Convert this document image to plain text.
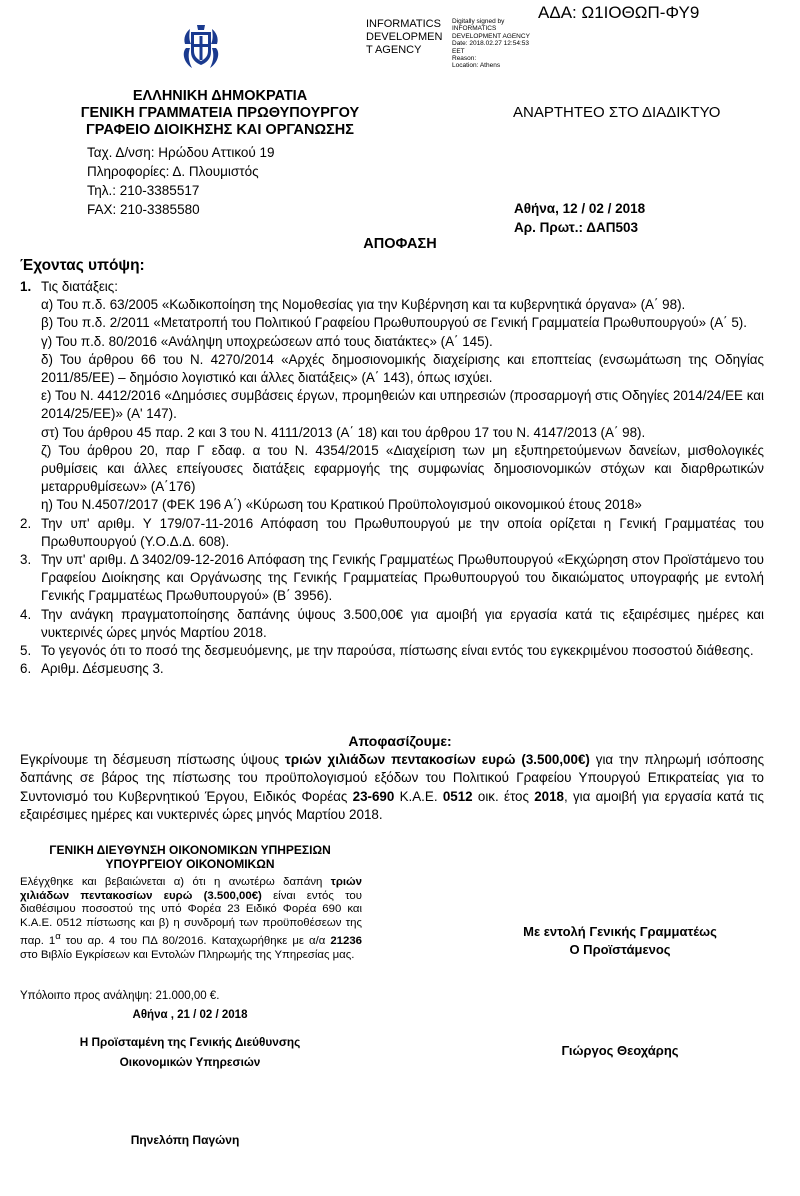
ΑΔΑ: Ω1ΙΟΘΩΠ-ΦΥ9
INFORMATICS DEVELOPMEN T AGENCY
Digitally signed by
INFORMATICS
DEVELOPMENT AGENCY
Date: 2018.02.27 12:54:53
EET
Reason:
Location: Athens
ΕΛΛΗΝΙΚΗ ΔΗΜΟΚΡΑΤΙΑ
ΓΕΝΙΚΗ ΓΡΑΜΜΑΤΕΙΑ ΠΡΩΘΥΠΟΥΡΓΟΥ
ΓΡΑΦΕΙΟ ΔΙΟΙΚΗΣΗΣ ΚΑΙ ΟΡΓΑΝΩΣΗΣ
ΑΝΑΡΤΗΤΕΟ ΣΤΟ ΔΙΑΔΙΚΤΥΟ
Ταχ. Δ/νση: Ηρώδου Αττικού 19
Πληροφορίες: Δ. Πλουμιστός
Τηλ.: 210-3385517
FAX: 210-3385580	Αθήνα, 12 / 02 / 2018
Αρ. Πρωτ.: ΔΑΠ503
ΑΠΟΦΑΣΗ
Έχοντας υπόψη:
1. Τις διατάξεις:

α) Του π.δ. 63/2005 «Κωδικοποίηση της Νομοθεσίας για την Κυβέρνηση και τα κυβερνητικά όργανα» (Α΄ 98).

β) Του π.δ. 2/2011 «Μετατροπή του Πολιτικού Γραφείου Πρωθυπουργού σε Γενική Γραμματεία Πρωθυπουργού» (Α΄ 5).

γ) Του π.δ. 80/2016 «Ανάληψη υποχρεώσεων από τους διατάκτες» (Α΄ 145).

δ) Του άρθρου 66 του Ν. 4270/2014 «Αρχές δημοσιονομικής διαχείρισης και εποπτείας (ενσωμάτωση της Οδηγίας 2011/85/ΕΕ) – δημόσιο λογιστικό και άλλες διατάξεις» (Α΄ 143), όπως ισχύει.

ε) Του Ν. 4412/2016 «Δημόσιες συμβάσεις έργων, προμηθειών και υπηρεσιών (προσαρμογή στις Οδηγίες 2014/24/ΕΕ και 2014/25/ΕΕ)» (Α' 147).

στ) Του άρθρου 45 παρ. 2 και 3 του Ν. 4111/2013 (Α΄ 18) και του άρθρου 17 του Ν. 4147/2013 (Α΄ 98).

ζ) Του άρθρου 20, παρ Γ εδαφ. α του Ν. 4354/2015 «Διαχείριση των μη εξυπηρετούμενων δανείων, μισθολογικές ρυθμίσεις και άλλες επείγουσες διατάξεις εφαρμογής της συμφωνίας δημοσιονομικών στόχων και διαρθρωτικών μεταρρυθμίσεων» (Α΄176)

η) Του Ν.4507/2017 (ΦΕΚ 196 Α΄) «Κύρωση του Κρατικού Προϋπολογισμού οικονομικού έτους 2018»

2. Την υπ' αριθμ. Υ 179/07-11-2016 Απόφαση του Πρωθυπουργού με την οποία ορίζεται η Γενική Γραμματέας του Πρωθυπουργού (Υ.Ο.Δ.Δ. 608).
3. Την υπ' αριθμ. Δ 3402/09-12-2016 Απόφαση της Γενικής Γραμματέως Πρωθυπουργού «Εκχώρηση στον Προϊστάμενο του Γραφείου Διοίκησης και Οργάνωσης της Γενικής Γραμματείας Πρωθυπουργού του δικαιώματος υπογραφής με εντολή Γενικής Γραμματέως Πρωθυπουργού» (Β΄ 3956).
4. Την ανάγκη πραγματοποίησης δαπάνης ύψους 3.500,00€ για αμοιβή για εργασία κατά τις εξαιρέσιμες ημέρες και νυκτερινές ώρες μηνός Μαρτίου 2018.
5. Το γεγονός ότι το ποσό της δεσμευόμενης, με την παρούσα, πίστωσης είναι εντός του εγκεκριμένου ποσοστού διάθεσης.
6. Αριθμ. Δέσμευσης 3.
Αποφασίζουμε:
Εγκρίνουμε τη δέσμευση πίστωσης ύψους τριών χιλιάδων πεντακοσίων ευρώ (3.500,00€) για την πληρωμή ισόποσης δαπάνης σε βάρος της πίστωσης του προϋπολογισμού εξόδων του Πολιτικού Γραφείου Υπουργού Επικρατείας για το Συντονισμό του Κυβερνητικού Έργου, Ειδικός Φορέας 23-690 Κ.Α.Ε. 0512 οικ. έτος 2018, για αμοιβή για εργασία κατά τις εξαιρέσιμες ημέρες και νυκτερινές ώρες μηνός Μαρτίου 2018.
ΓΕΝΙΚΗ ΔΙΕΥΘΥΝΣΗ ΟΙΚΟΝΟΜΙΚΩΝ ΥΠΗΡΕΣΙΩΝ
ΥΠΟΥΡΓΕΙΟΥ ΟΙΚΟΝΟΜΙΚΩΝ
Ελέγχθηκε και βεβαιώνεται α) ότι η ανωτέρω δαπάνη τριών χιλιάδων πεντακοσίων ευρώ (3.500,00€) είναι εντός του διαθέσιμου ποσοστού της υπό Φορέα 23 Ειδικό Φορέα 690 και Κ.Α.Ε. 0512 πίστωσης και β) η συνδρομή των προϋποθέσεων της παρ. $1^\alpha$ του αρ. 4 του ΠΔ 80/2016. Καταχωρήθηκε με α/α 21236 στο Βιβλίο Εγκρίσεων και Εντολών Πληρωμής της Υπηρεσίας μας.
Υπόλοιπο προς ανάληψη: 21.000,00 €.
Αθήνα , 21 / 02 / 2018
Η Προϊσταμένη της Γενικής Διεύθυνσης
Οικονομικών Υπηρεσιών
Με εντολή Γενικής Γραμματέως
Ο Προϊστάμενος
Γιώργος Θεοχάρης
Πηνελόπη Παγώνη
